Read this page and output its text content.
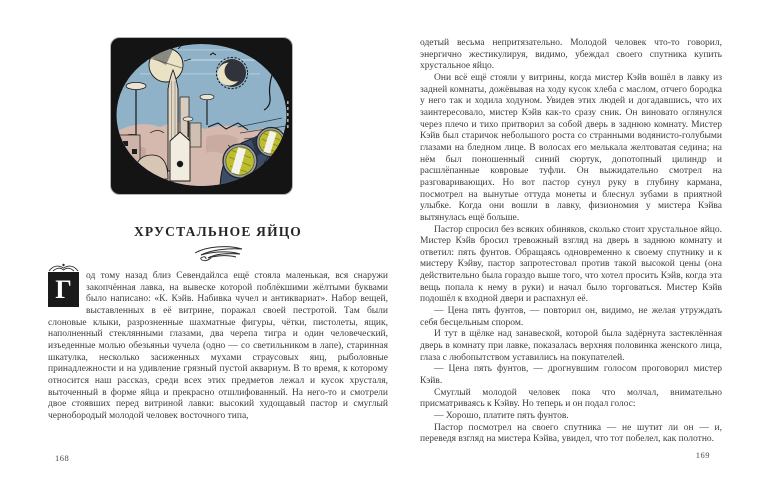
ХРУСТАЛЬНОЕ ЯЙЦО

Г	од тому назад близ Севендайлса ещё стояла маленькая, вся снаружи закопчённая лавка, на вывеске которой поблёкшими жёлтыми буквами было написано: «К. Кэйв. Набивка чучел и антиквариат». Набор вещей, выставленных в её витрине, поражал своей пестротой. Там были слоновые клыки, разрозненные шахматные фигуры, чётки, пистолеты, ящик, наполненный стеклянными глазами, два черепа тигра и один человеческий, изъеденные молью обезьяньи чучела (одно — со светильником в лапе), старинная шкатулка, несколько засиженных мухами страусовых яиц, рыболовные принадлежности и на удивление грязный пустой аквариум. В то время, к которому относится наш рассказ, среди всех этих предметов лежал и кусок хрусталя, выточенный в форме яйца и прекрасно отшлифованный. На него-то и смотрели двое стоявших перед витриной лавки: высокий худощавый пастор и смуглый чернобородый молодой человек восточного типа,

168

одетый весьма непритязательно. Молодой человек что-то говорил, энергично жестикулируя, видимо, убеждал своего спутника купить хрустальное яйцо.

Они всё ещё стояли у витрины, когда мистер Кэйв вошёл в лавку из задней комнаты, дожёвывая на ходу кусок хлеба с маслом, отчего бородка у него так и ходила ходуном. Увидев этих людей и догадавшись, что их заинтересовало, мистер Кэйв как-то сразу сник. Он виновато оглянулся через плечо и тихо притворил за собой дверь в заднюю комнату. Мистер Кэйв был старичок небольшого роста со странными водянисто-голубыми глазами на бледном лице. В волосах его мелькала желтоватая седина; на нём был поношенный синий сюртук, допотопный цилиндр и расшлёпанные ковровые туфли. Он выжидательно смотрел на разговаривающих. Но вот пастор сунул руку в глубину кармана, посмотрел на вынутые оттуда монеты и блеснул зубами в приятной улыбке. Когда они вошли в лавку, физиономия у мистера Кэйва вытянулась ещё больше.

Пастор спросил без всяких обиняков, сколько стоит хрустальное яйцо. Мистер Кэйв бросил тревожный взгляд на дверь в заднюю комнату и ответил: пять фунтов. Обращаясь одновременно к своему спутнику и к мистеру Кэйву, пастор запротестовал против такой высокой цены (она действительно была гораздо выше того, что хотел просить Кэйв, когда эта вещь попала к нему в руки) и начал было торговаться. Мистер Кэйв подошёл к входной двери и распахнул её.

— Цена пять фунтов, — повторил он, видимо, не желая утруждать себя бесцельным спором.

И тут в щёлке над занавеской, которой была задёрнута застеклённая дверь в комнату при лавке, показалась верхняя половинка женского лица, глаза с любопытством уставились на покупателей.

— Цена пять фунтов, — дрогнувшим голосом проговорил мистер Кэйв.

Смуглый молодой человек пока что молчал, внимательно присматриваясь к Кэйву. Но теперь и он подал голос:

— Хорошо, платите пять фунтов.

Пастор посмотрел на своего спутника — не шутит ли он — и, переведя взгляд на мистера Кэйва, увидел, что тот побелел, как полотно.

169
